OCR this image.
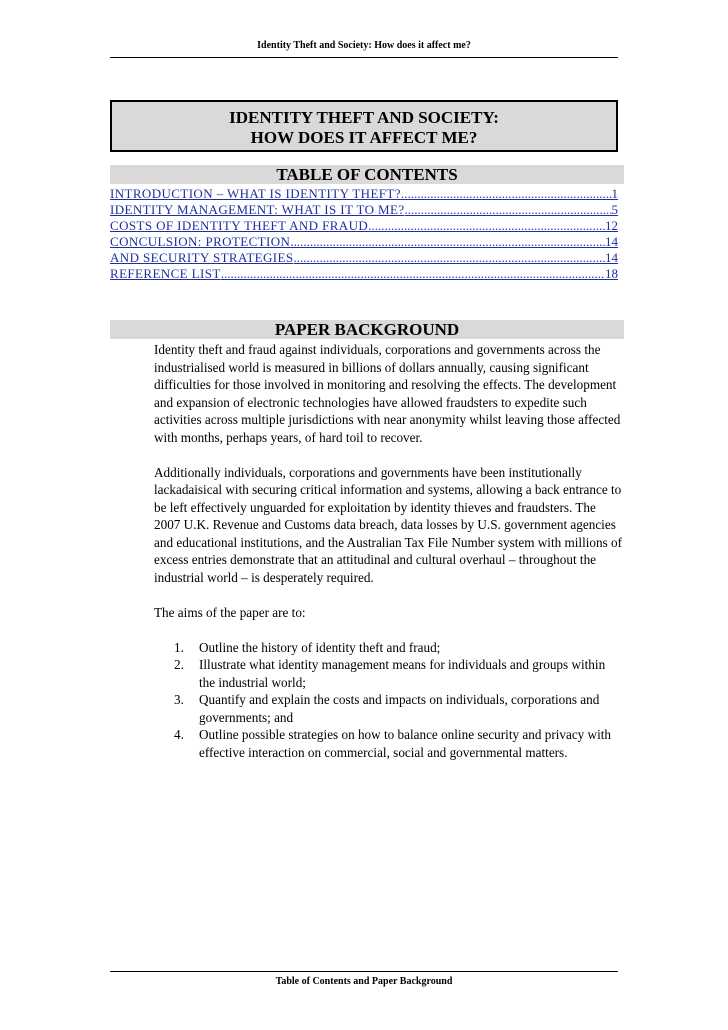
Identity Theft and Society: How does it affect me?
IDENTITY THEFT AND SOCIETY:
HOW DOES IT AFFECT ME?
TABLE OF CONTENTS
INTRODUCTION – WHAT IS IDENTITY THEFT? .....	1
IDENTITY MANAGEMENT: WHAT IS IT TO ME? .....	5
COSTS OF IDENTITY THEFT AND FRAUD .....	12
CONCULSION: PROTECTION .....	14
AND SECURITY STRATEGIES .....	14
REFERENCE LIST .....	18
PAPER BACKGROUND

Identity theft and fraud against individuals, corporations and governments across the industrialised world is measured in billions of dollars annually, causing significant difficulties for those involved in monitoring and resolving the effects. The development and expansion of electronic technologies have allowed fraudsters to expedite such activities across multiple jurisdictions with near anonymity whilst leaving those affected with months, perhaps years, of hard toil to recover.

Additionally individuals, corporations and governments have been institutionally lackadaisical with securing critical information and systems, allowing a back entrance to be left effectively unguarded for exploitation by identity thieves and fraudsters. The 2007 U.K. Revenue and Customs data breach, data losses by U.S. government agencies and educational institutions, and the Australian Tax File Number system with millions of excess entries demonstrate that an attitudinal and cultural overhaul – throughout the industrial world – is desperately required.

The aims of the paper are to:

1.	Outline the history of identity theft and fraud;
2.	Illustrate what identity management means for individuals and groups within the industrial world;
3.	Quantify and explain the costs and impacts on individuals, corporations and governments; and
4.	Outline possible strategies on how to balance online security and privacy with effective interaction on commercial, social and governmental matters.
Table of Contents and Paper Background
